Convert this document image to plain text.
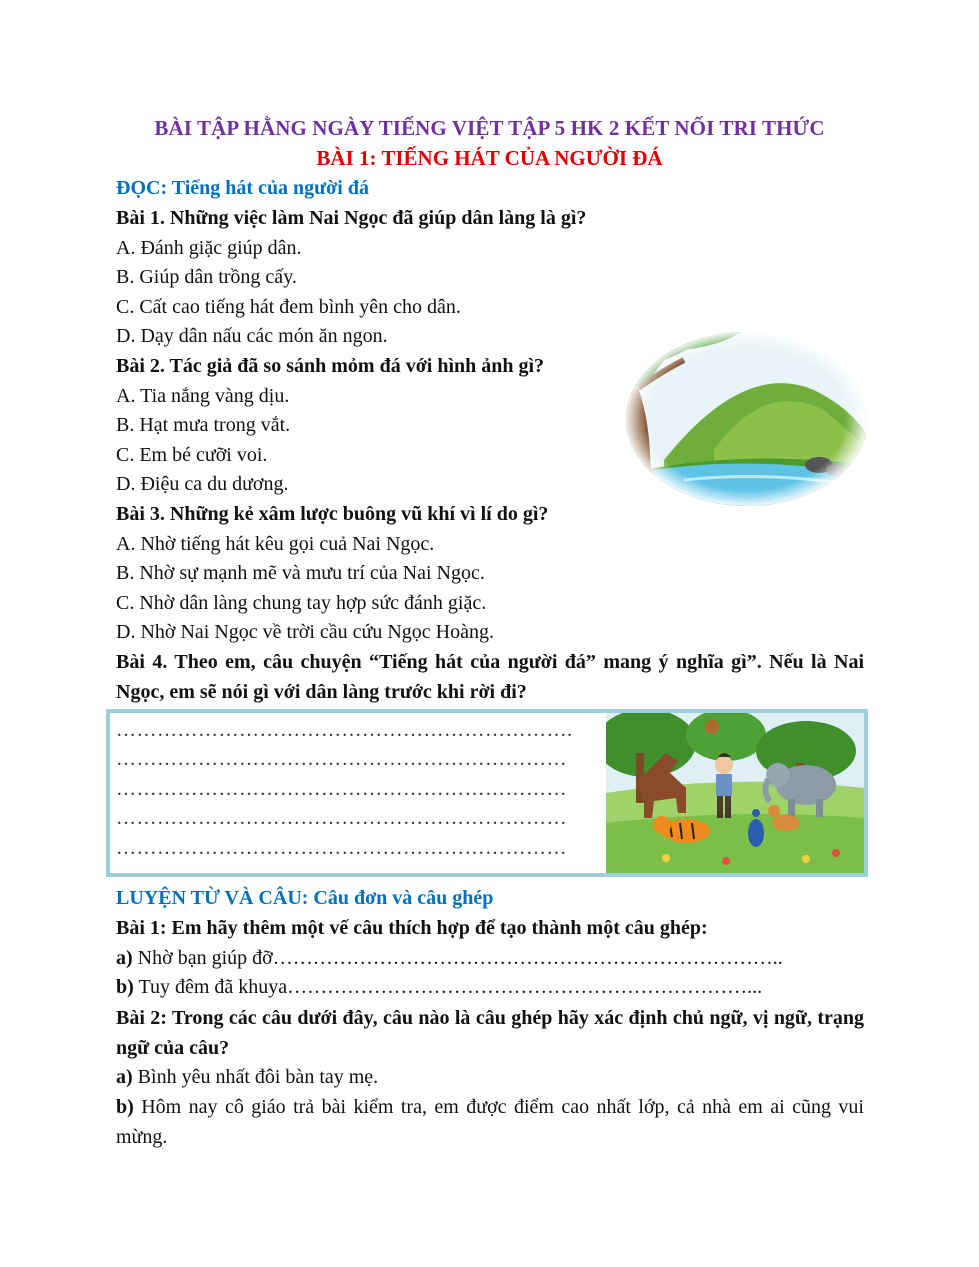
BÀI TẬP HẰNG NGÀY TIẾNG VIỆT TẬP 5 HK 2 KẾT NỐI TRI THỨC
BÀI 1: TIẾNG HÁT CỦA NGƯỜI ĐÁ
ĐỌC: Tiếng hát của người đá
Bài 1. Những việc làm Nai Ngọc đã giúp dân làng là gì?
A. Đánh giặc giúp dân.
B. Giúp dân trồng cấy.
C. Cất cao tiếng hát đem bình yên cho dân.
D. Dạy dân nấu các món ăn ngon.
Bài 2. Tác giả đã so sánh mỏm đá với hình ảnh gì?
A. Tia nắng vàng dịu.
B. Hạt mưa trong vắt.
C. Em bé cưỡi voi.
D. Điệu ca du dương.
Bài 3. Những kẻ xâm lược buông vũ khí vì lí do gì?
A. Nhờ tiếng hát kêu gọi cuả Nai Ngọc.
B. Nhờ sự mạnh mẽ và mưu trí của Nai Ngọc.
C. Nhờ dân làng chung tay hợp sức đánh giặc.
D. Nhờ Nai Ngọc về trời cầu cứu Ngọc Hoàng.
Bài 4. Theo em, câu chuyện “Tiếng hát của người đá” mang ý nghĩa gì”. Nếu là Nai Ngọc, em sẽ nói gì với dân làng trước khi rời đi?
………………………………………………………….
…………………………………………………………
…………………………………………………………
…………………………………………………………
…………………………………………………………
LUYỆN TỪ VÀ CÂU: Câu đơn và câu ghép
Bài 1: Em hãy thêm một vế câu thích hợp để tạo thành một câu ghép:
a) Nhờ bạn giúp đỡ…………………………………………………………………..
b) Tuy đêm đã khuya……………………………………………………………...
Bài 2: Trong các câu dưới đây, câu nào là câu ghép hãy xác định chủ ngữ, vị ngữ, trạng ngữ của câu?
a) Bình yêu nhất đôi bàn tay mẹ.
b) Hôm nay cô giáo trả bài kiểm tra, em được điểm cao nhất lớp, cả nhà em ai cũng vui mừng.
